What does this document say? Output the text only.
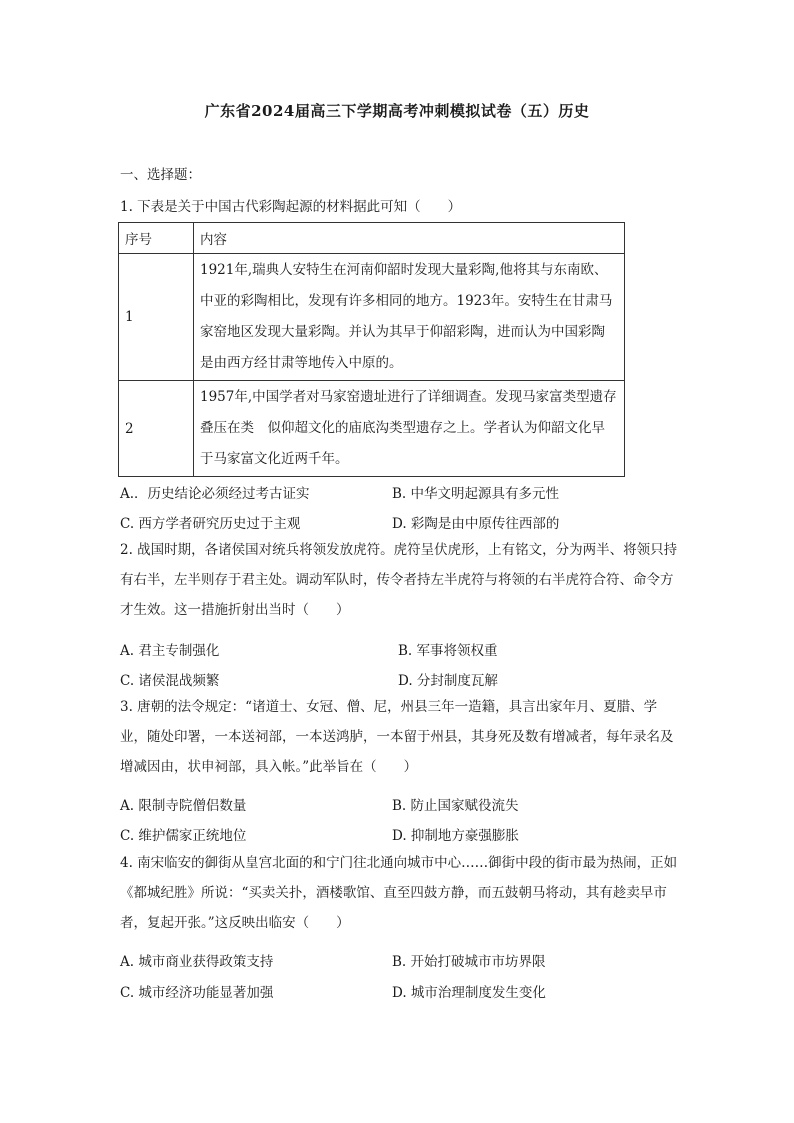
广东省2024届高三下学期高考冲刺模拟试卷（五）历史
一、选择题：
1. 下表是关于中国古代彩陶起源的材料据此可知（　　）
序号	内容
1	1921年,瑞典人安特生在河南仰韶时发现大量彩陶,他将其与东南欧、中亚的彩陶相比，发现有许多相同的地方。1923年。安特生在甘肃马家窑地区发现大量彩陶。并认为其早于仰韶彩陶，进而认为中国彩陶是由西方经甘肃等地传入中原的。
2	1957年,中国学者对马家窑遗址进行了详细调查。发现马家富类型遗存叠压在类　似仰超文化的庙底沟类型遗存之上。学者认为仰韶文化早于马家富文化近两千年。
A.．历史结论必须经过考古证实	B. 中华文明起源具有多元性
C. 西方学者研究历史过于主观	D. 彩陶是由中原传往西部的
2. 战国时期，各诸侯国对统兵将领发放虎符。虎符呈伏虎形，上有铭文，分为两半、将领只持有右半，左半则存于君主处。调动军队时，传令者持左半虎符与将领的右半虎符合符、命令方才生效。这一措施折射出当时（　　）
A. 君主专制强化	B. 军事将领权重
C. 诸侯混战频繁	D. 分封制度瓦解
3. 唐朝的法令规定：“诸道士、女冠、僧、尼，州县三年一造籍，具言出家年月、夏腊、学业，随处印署，一本送祠部，一本送鸿胪，一本留于州县，其身死及数有增减者，每年录名及增减因由，状申祠部，具入帐。”此举旨在（　　）
A. 限制寺院僧侣数量	B. 防止国家赋役流失
C. 维护儒家正统地位	D. 抑制地方豪强膨胀
4. 南宋临安的御街从皇宫北面的和宁门往北通向城市中心……御街中段的街市最为热闹，正如《都城纪胜》所说：“买卖关扑，酒楼歌馆、直至四鼓方静，而五鼓朝马将动，其有趁卖早市者，复起开张。”这反映出临安（　　）
A. 城市商业获得政策支持	B. 开始打破城市市坊界限
C. 城市经济功能显著加强	D. 城市治理制度发生变化
